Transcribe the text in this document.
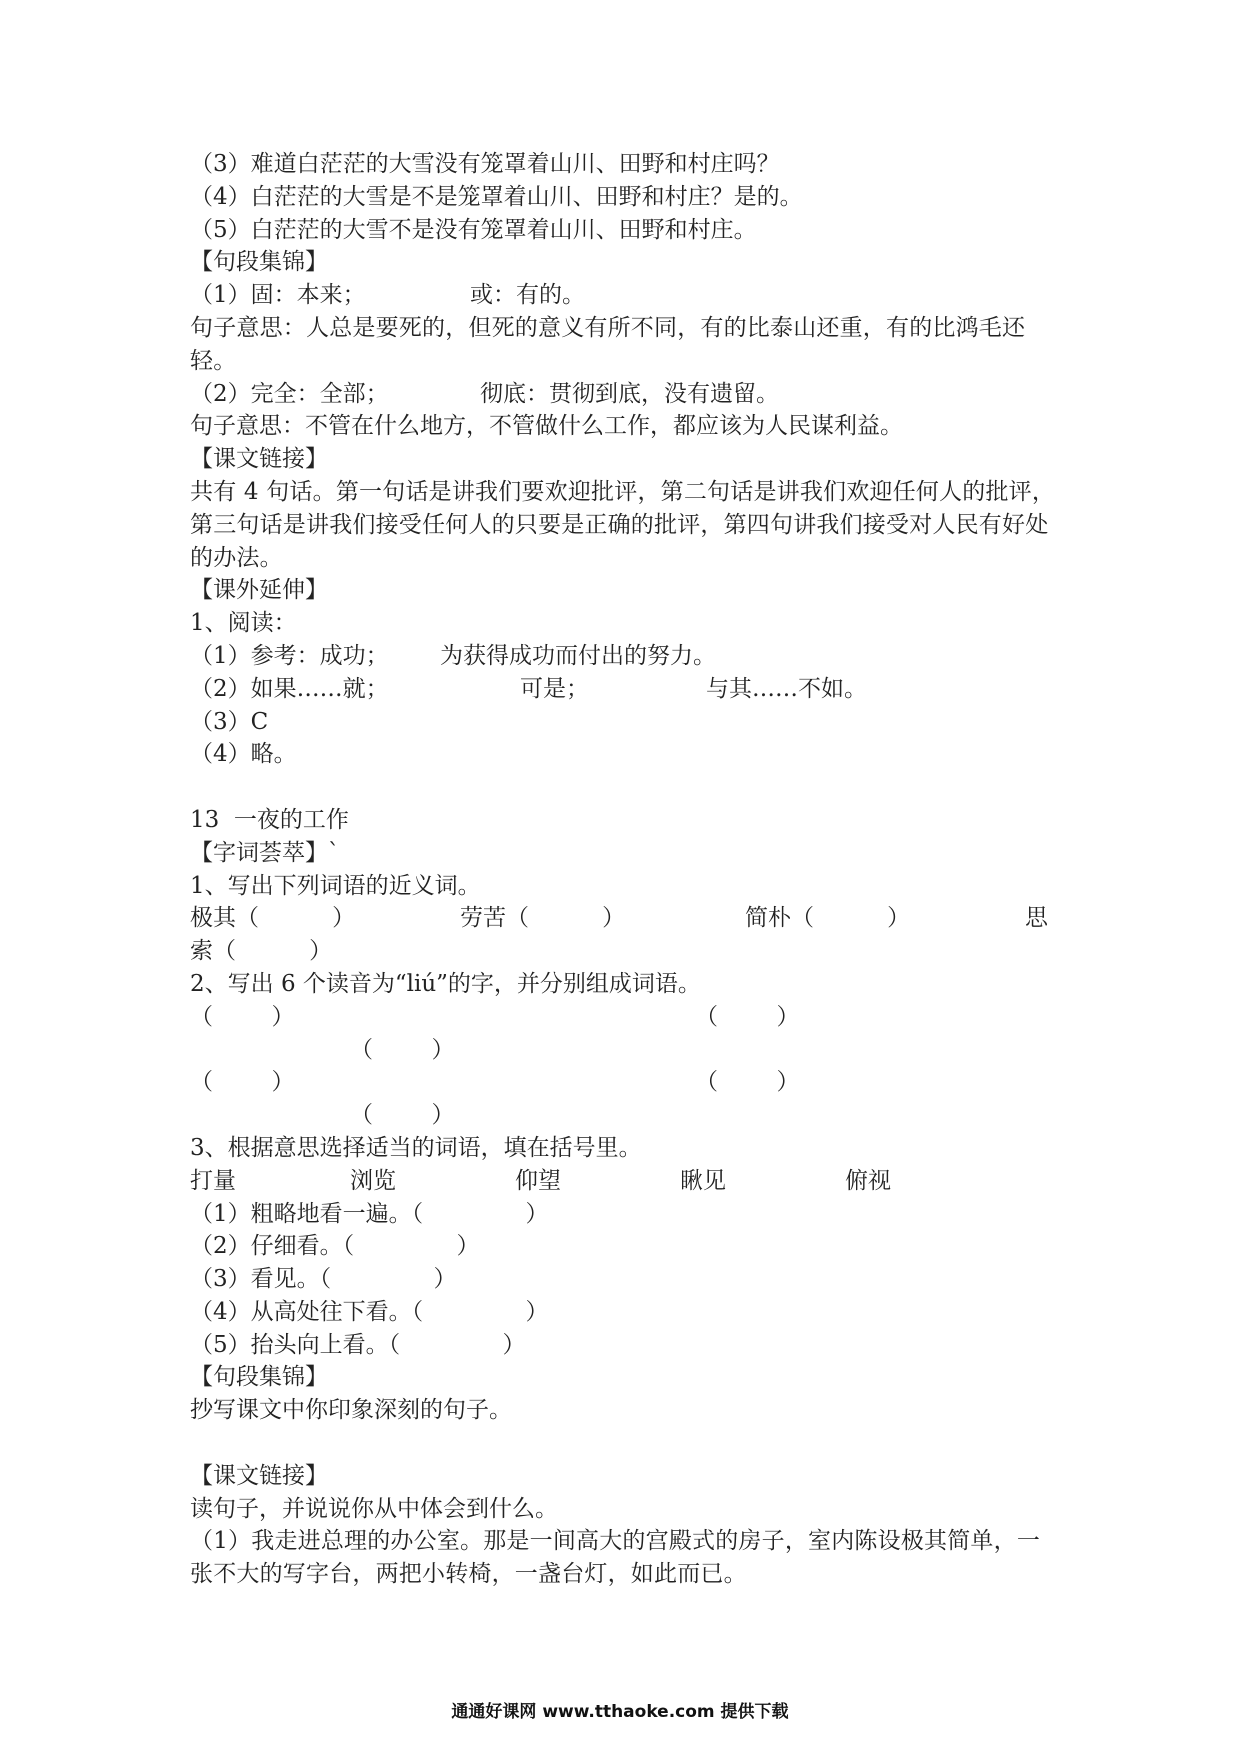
（3）难道白茫茫的大雪没有笼罩着山川、田野和村庄吗？
（4）白茫茫的大雪是不是笼罩着山川、田野和村庄？是的。
（5）白茫茫的大雪不是没有笼罩着山川、田野和村庄。
【句段集锦】
（1）固：本来；	或：有的。
句子意思：人总是要死的，但死的意义有所不同，有的比泰山还重，有的比鸿毛还轻。
（2）完全：全部；	彻底：贯彻到底，没有遗留。
句子意思：不管在什么地方，不管做什么工作，都应该为人民谋利益。
【课文链接】
共有 4 句话。第一句话是讲我们要欢迎批评，第二句话是讲我们欢迎任何人的批评，第三句话是讲我们接受任何人的只要是正确的批评，第四句讲我们接受对人民有好处的办法。
【课外延伸】
1、阅读：
（1）参考：成功；	为获得成功而付出的努力。
（2）如果……就；	可是；	与其……不如。
（3）C
（4）略。
13  一夜的工作
【字词荟萃】`
1、写出下列词语的近义词。
极其（          ）	劳苦（          ）	简朴（          ）	思
索（          ）
2、写出 6 个读音为“liú”的字，并分别组成词语。
（        ）	（        ）
（        ）
（        ）	（        ）
（        ）
3、根据意思选择适当的词语，填在括号里。
打量	浏览	仰望	瞅见	俯视
（1）粗略地看一遍。（              ）
（2）仔细看。（              ）
（3）看见。（              ）
（4）从高处往下看。（              ）
（5）抬头向上看。（              ）
【句段集锦】
抄写课文中你印象深刻的句子。
【课文链接】
读句子，并说说你从中体会到什么。
（1）我走进总理的办公室。那是一间高大的宫殿式的房子，室内陈设极其简单，一张不大的写字台，两把小转椅，一盏台灯，如此而已。
通通好课网 www.tthaoke.com 提供下载
